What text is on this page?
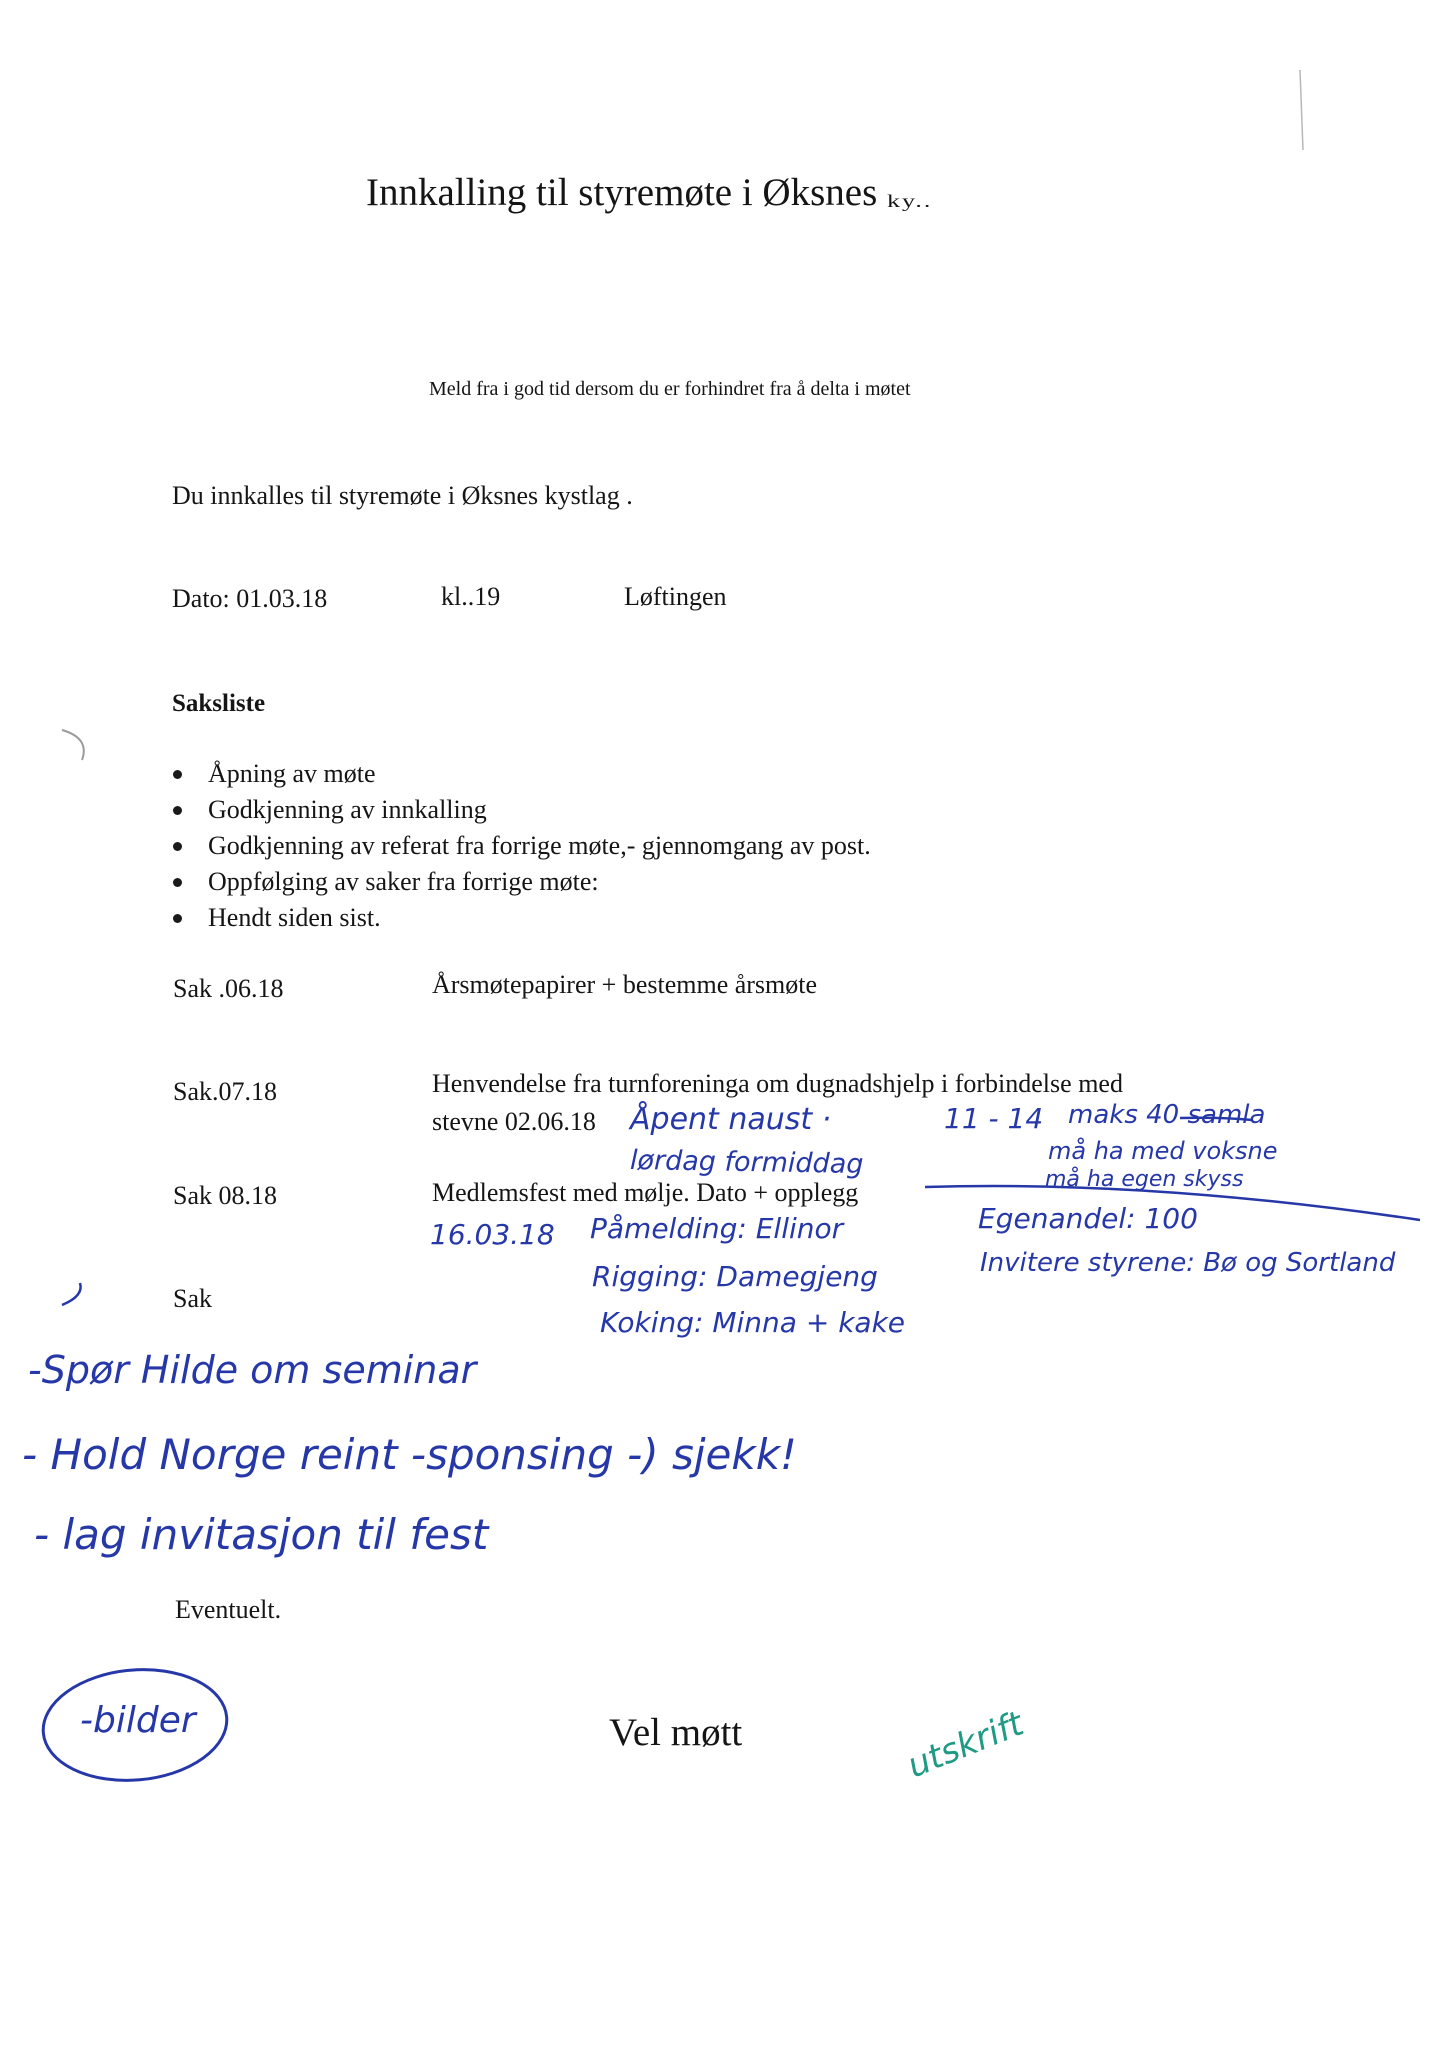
Innkalling til styremøte i Øksnes ky..
Meld fra i god tid dersom du er forhindret fra å delta i møtet
Du innkalles til styremøte i Øksnes kystlag .
Dato: 01.03.18	kl..19	Løftingen
Saksliste
Åpning av møte
Godkjenning av innkalling
Godkjenning av referat fra forrige møte,- gjennomgang av post.
Oppfølging av saker fra forrige møte:
Hendt siden sist.
Sak .06.18	Årsmøtepapirer + bestemme årsmøte
Sak.07.18	Henvendelse fra turnforeninga om dugnadshjelp i forbindelse med
stevne 02.06.18
Sak 08.18	Medlemsfest med mølje. Dato + opplegg
Sak
Eventuelt.
Vel møtt
Åpent naust ·	11 - 14 maks 40 samla
lørdag formiddag	må ha med voksne
må ha egen skyss
16.03.18 Påmelding: Ellinor	Egenandel: 100
Rigging: Damegjeng	Invitere styrene: Bø og Sortland
Koking: Minna + kake
-Spør Hilde om seminar
- Hold Norge reint -sponsing -) sjekk!
- lag invitasjon til fest
-bilder	utskrift
